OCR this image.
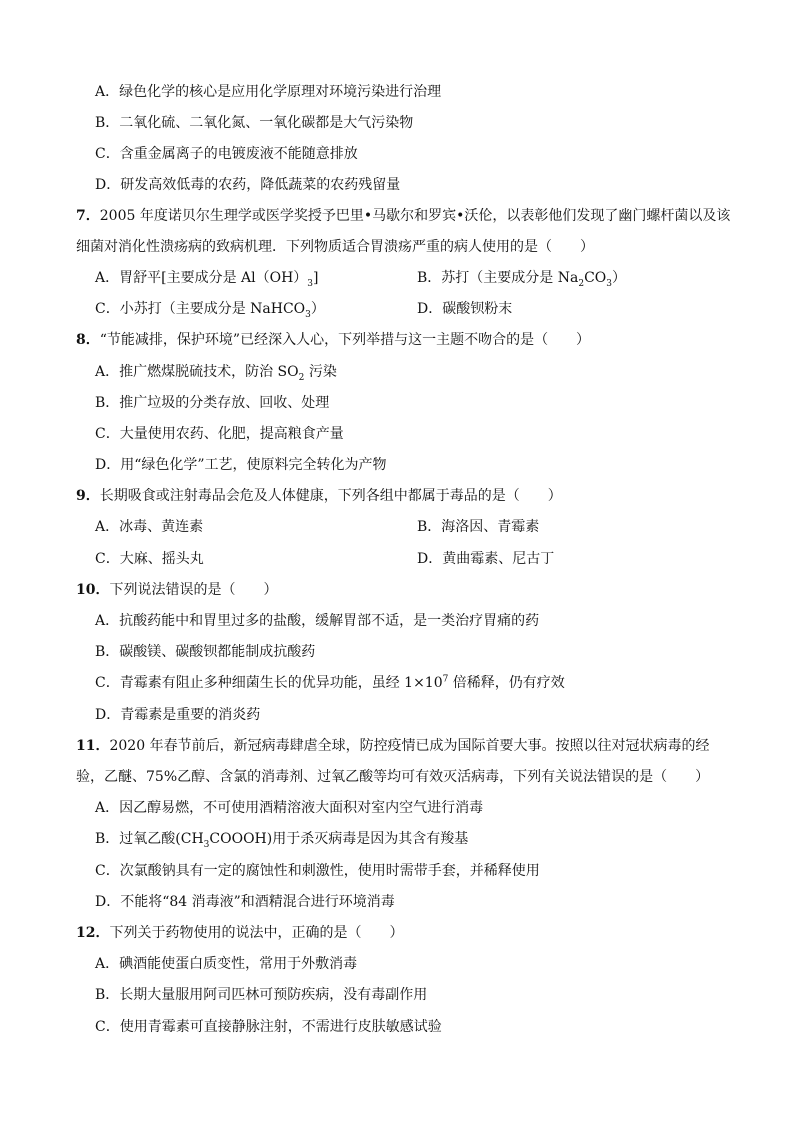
A．绿色化学的核心是应用化学原理对环境污染进行治理
B．二氧化硫、二氧化氮、一氧化碳都是大气污染物
C．含重金属离子的电镀废液不能随意排放
D．研发高效低毒的农药，降低蔬菜的农药残留量
7．2005 年度诺贝尔生理学或医学奖授予巴里•马歇尔和罗宾•沃伦，以表彰他们发现了幽门螺杆菌以及该
细菌对消化性溃疡病的致病机理．下列物质适合胃溃疡严重的病人使用的是（　　）
A．胃舒平[主要成分是 $Al(OH)_3$]	B．苏打（主要成分是 $Na_2CO_3$）
C．小苏打（主要成分是 NaHCO$_3$）	D．碳酸钡粉末
8．“节能减排，保护环境”已经深入人心，下列举措与这一主题不吻合的是（　　）
A．推广燃煤脱硫技术，防治 $SO_2$ 污染
B．推广垃圾的分类存放、回收、处理
C．大量使用农药、化肥，提高粮食产量
D．用“绿色化学”工艺，使原料完全转化为产物
9．长期吸食或注射毒品会危及人体健康，下列各组中都属于毒品的是（　　）
A．冰毒、黄连素	B．海洛因、青霉素
C．大麻、摇头丸	D．黄曲霉素、尼古丁
10．下列说法错误的是（　　）
A．抗酸药能中和胃里过多的盐酸，缓解胃部不适，是一类治疗胃痛的药
B．碳酸镁、碳酸钡都能制成抗酸药
C．青霉素有阻止多种细菌生长的优异功能，虽经 $1\times 10^7$ 倍稀释，仍有疗效
D．青霉素是重要的消炎药
11．2020 年春节前后，新冠病毒肆虐全球，防控疫情已成为国际首要大事。按照以往对冠状病毒的经
验，乙醚、75%乙醇、含氯的消毒剂、过氧乙酸等均可有效灭活病毒，下列有关说法错误的是（　　）
A．因乙醇易燃，不可使用酒精溶液大面积对室内空气进行消毒
B．过氧乙酸$(CH_3COOOH)$用于杀灭病毒是因为其含有羧基
C．次氯酸钠具有一定的腐蚀性和刺激性，使用时需带手套，并稀释使用
D．不能将“84 消毒液”和酒精混合进行环境消毒
12．下列关于药物使用的说法中，正确的是（　　）
A．碘酒能使蛋白质变性，常用于外敷消毒
B．长期大量服用阿司匹林可预防疾病，没有毒副作用
C．使用青霉素可直接静脉注射，不需进行皮肤敏感试验
